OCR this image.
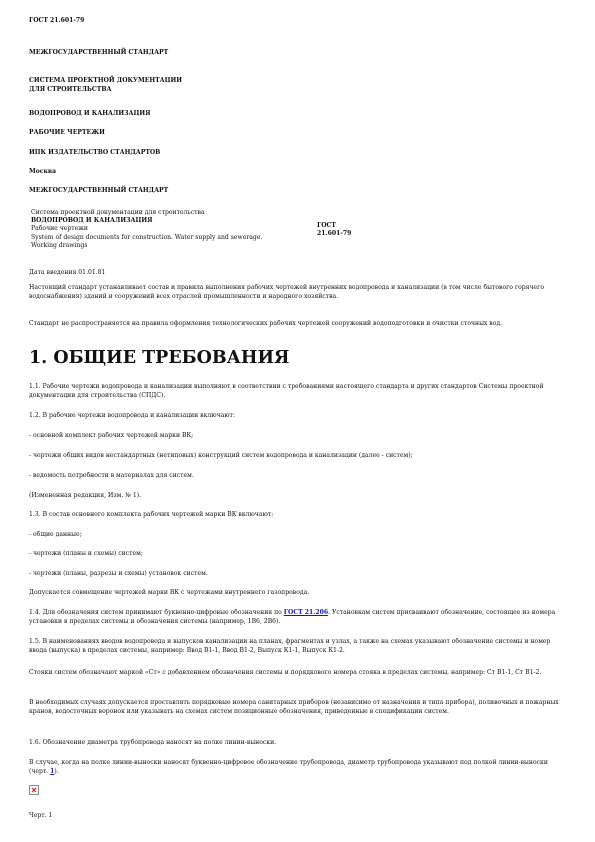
ГОСТ 21.601-79

МЕЖГОСУДАРСТВЕННЫЙ СТАНДАРТ

СИСТЕМА ПРОЕКТНОЙ ДОКУМЕНТАЦИИ

ДЛЯ СТРОИТЕЛЬСТВА

ВОДОПРОВОД И КАНАЛИЗАЦИЯ

РАБОЧИЕ ЧЕРТЕЖИ

ИПК ИЗДАТЕЛЬСТВО СТАНДАРТОВ

Москва

МЕЖГОСУДАРСТВЕННЫЙ СТАНДАРТ

Система проектной документации для строительства
ВОДОПРОВОД И КАНАЛИЗАЦИЯ
Рабочие чертежи
System of design documents for construction. Water supply and sewerage.
Working drawings

ГОСТ
21.601-79

Дата введения 01.01.81

Настоящий стандарт устанавливает состав и правила выполнения рабочих чертежей внутренних водопровода и канализации (в том числе бытового горячего водоснабжения) зданий и сооружений всех отраслей промышленности и народного хозяйства.

Стандарт не распространяется на правила оформления технологических рабочих чертежей сооружений водоподготовки и очистки сточных вод.

1. ОБЩИЕ ТРЕБОВАНИЯ

1.1. Рабочие чертежи водопровода и канализации выполняют в соответствии с требованиями настоящего стандарта и других стандартов Системы проектной документации для строительства (СПДС).

1.2. В рабочие чертежи водопровода и канализации включают:

- основной комплект рабочих чертежей марки ВК;

- чертежи общих видов нестандартных (нетиповых) конструкций систем водопровода и канализации (далее - систем);

- ведомость потребности в материалах для систем.

(Измененная редакция, Изм. № 1).

1.3. В состав основного комплекта рабочих чертежей марки ВК включают:

- общие данные;

- чертежи (планы и схемы) систем;

- чертежи (планы, разрезы и схемы) установок систем.

Допускается совмещение чертежей марки ВК с чертежами внутреннего газопровода.

1.4. Для обозначения систем принимают буквенно-цифровые обозначения по ГОСТ 21.206. Установкам систем присваивают обозначение, состоящее из номера установки в пределах системы и обозначения системы (например, 1В6, 2В6).

1.5. В наименованиях вводов водопровода и выпусков канализации на планах, фрагментах и узлах, а также на схемах указывают обозначение системы и номер ввода (выпуска) в пределах системы, например: Ввод В1-1, Ввод В1-2, Выпуск К1-1, Выпуск К1-2.

Стояки систем обозначают маркой «Ст» с добавлением обозначения системы и порядкового номера стояка в пределах системы, например: Ст В1-1, Ст В1-2.

В необходимых случаях допускается проставлять порядковые номера санитарных приборов (независимо от назначения и типа прибора), поливочных и пожарных кранов, водосточных воронок или указывать на схемах систем позиционные обозначения, приведенные в спецификации систем.

1.6. Обозначение диаметра трубопровода наносят на полке линии-выноски.

В случае, когда на полке линии-выноски наносят буквенно-цифровое обозначение трубопровода, диаметр трубопровода указывают под полкой линии-выноски (черт. 1).

Черт. 1
